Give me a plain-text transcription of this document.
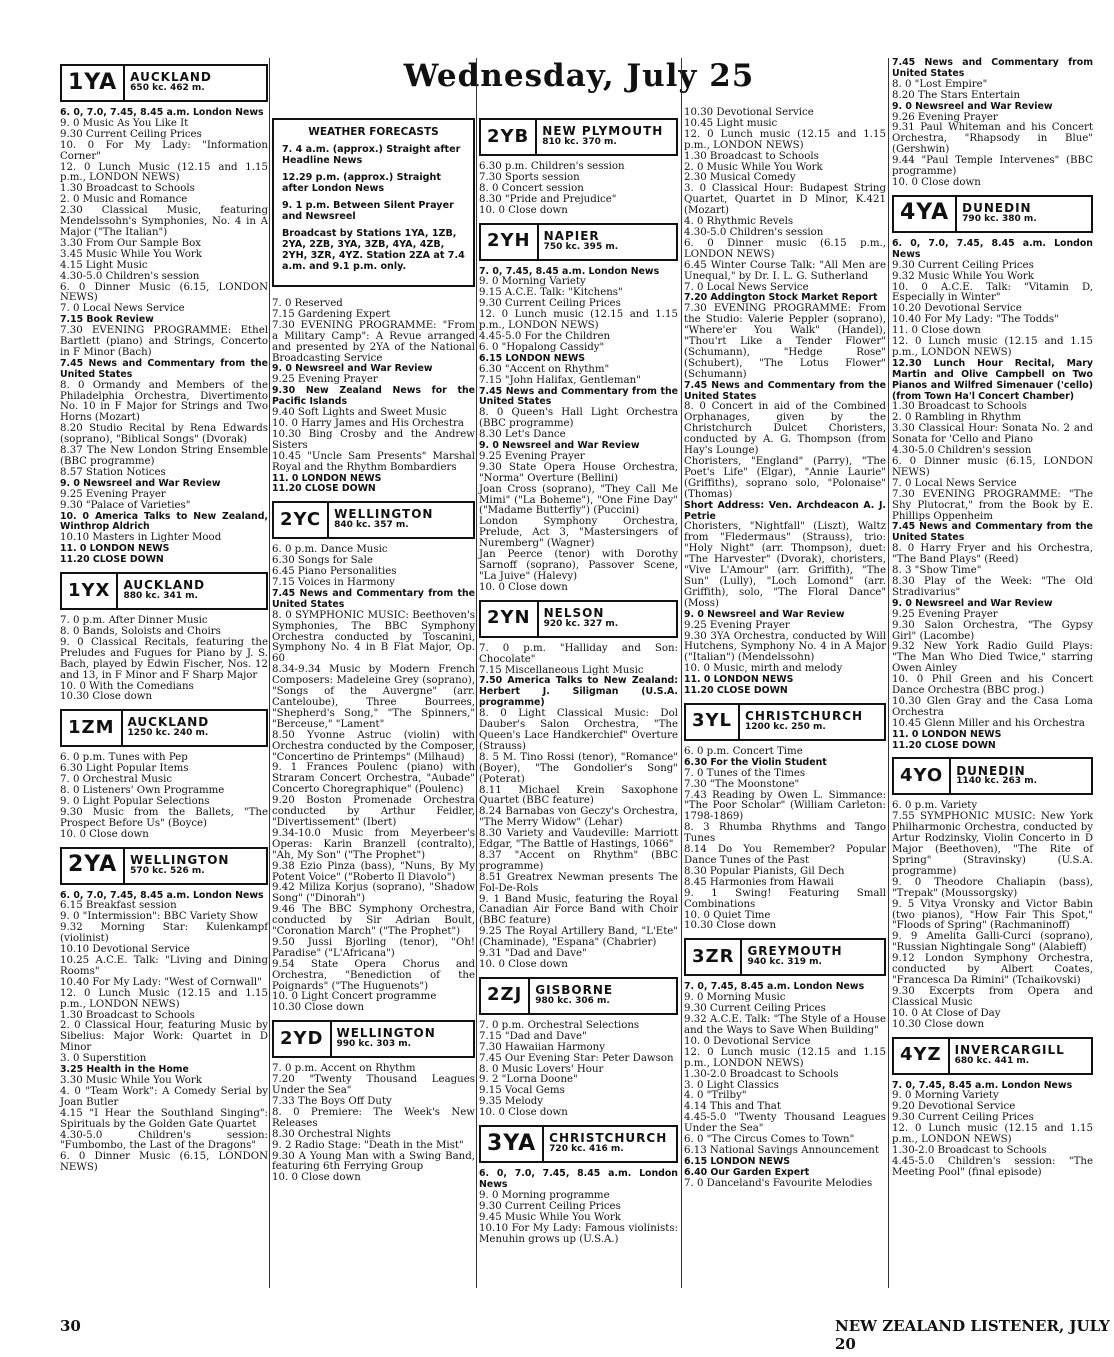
Wednesday, July 25
1YA	AUCKLAND
650 kc. 462 m.

6. 0, 7.0, 7.45, 8.45 a.m. London News

9. 0 Music As You Like It

9.30 Current Ceiling Prices

10. 0 For My Lady: "Information Corner"

12. 0 Lunch Music (12.15 and 1.15 p.m., LONDON NEWS)

1.30 Broadcast to Schools

2. 0 Music and Romance

2.30 Classical Music, featuring Mendelssohn's Symphonies, No. 4 in A Major ("The Italian")

3.30 From Our Sample Box

3.45 Music While You Work

4.15 Light Music

4.30-5.0 Children's session

6. 0 Dinner Music (6.15, LONDON NEWS)

7. 0 Local News Service

7.15 Book Review

7.30 EVENING PROGRAMME: Ethel Bartlett (piano) and Strings, Concerto in F Minor (Bach)

7.45 News and Commentary from the United States

8. 0 Ormandy and Members of the Philadelphia Orchestra, Divertimento No. 10 in F Major for Strings and Two Horns (Mozart)

8.20 Studio Recital by Rena Edwards (soprano), "Biblical Songs" (Dvorak)

8.37 The New London String Ensemble (BBC programme)

8.57 Station Notices

9. 0 Newsreel and War Review

9.25 Evening Prayer

9.30 "Palace of Varieties"

10. 0 America Talks to New Zealand, Winthrop Aldrich

10.10 Masters in Lighter Mood

11. 0 LONDON NEWS

11.20 CLOSE DOWN

1YX	AUCKLAND
880 kc. 341 m.

7. 0 p.m. After Dinner Music

8. 0 Bands, Soloists and Choirs

9. 0 Classical Recitals, featuring the Preludes and Fugues for Piano by J. S. Bach, played by Edwin Fischer, Nos. 12 and 13, in F Minor and F Sharp Major

10. 0 With the Comedians

10.30 Close down

1ZM	AUCKLAND
1250 kc. 240 m.

6. 0 p.m. Tunes with Pep

6.30 Light Popular Items

7. 0 Orchestral Music

8. 0 Listeners' Own Programme

9. 0 Light Popular Selections

9.30 Music from the Ballets, "The Prospect Before Us" (Boyce)

10. 0 Close down

2YA	WELLINGTON
570 kc. 526 m.

6. 0, 7.0, 7.45, 8.45 a.m. London News

6.15 Breakfast session

9. 0 "Intermission": BBC Variety Show

9.32 Morning Star: Kulenkampf (violinist)

10.10 Devotional Service

10.25 A.C.E. Talk: "Living and Dining Rooms"

10.40 For My Lady: "West of Cornwall"

12. 0 Lunch Music (12.15 and 1.15 p.m., LONDON NEWS)

1.30 Broadcast to Schools

2. 0 Classical Hour, featuring Music by Sibelius: Major Work: Quartet in D Minor

3. 0 Superstition

3.25 Health in the Home

3.30 Music While You Work

4. 0 "Team Work": A Comedy Serial by Joan Butler

4.15 "I Hear the Southland Singing": Spirituals by the Golden Gate Quartet

4.30-5.0 Children's session: "Fumbombo, the Last of the Dragons"

6. 0 Dinner Music (6.15, LONDON NEWS)

WEATHER FORECASTS

7. 4 a.m. (approx.) Straight after Headline News

12.29 p.m. (approx.) Straight after London News

9. 1 p.m. Between Silent Prayer and Newsreel

Broadcast by Stations 1YA, 1ZB, 2YA, 2ZB, 3YA, 3ZB, 4YA, 4ZB, 2YH, 3ZR, 4YZ. Station 2ZA at 7.4 a.m. and 9.1 p.m. only.

7. 0 Reserved

7.15 Gardening Expert

7.30 EVENING PROGRAMME: "From a Military Camp": A Revue arranged and presented by 2YA of the National Broadcasting Service

9. 0 Newsreel and War Review

9.25 Evening Prayer

9.30 New Zealand News for the Pacific Islands

9.40 Soft Lights and Sweet Music

10. 0 Harry James and His Orchestra

10.30 Bing Crosby and the Andrew Sisters

10.45 "Uncle Sam Presents" Marshal Royal and the Rhythm Bombardiers

11. 0 LONDON NEWS

11.20 CLOSE DOWN

2YC	WELLINGTON
840 kc. 357 m.

6. 0 p.m. Dance Music

6.30 Songs for Sale

6.45 Piano Personalities

7.15 Voices in Harmony

7.45 News and Commentary from the United States

8. 0 SYMPHONIC MUSIC: Beethoven's Symphonies, The BBC Symphony Orchestra conducted by Toscanini, Symphony No. 4 in B Flat Major, Op. 60

8.34-9.34 Music by Modern French Composers: Madeleine Grey (soprano), "Songs of the Auvergne" (arr. Canteloube), Three Bourrees, "Shepherd's Song," "The Spinners," "Berceuse," "Lament"

8.50 Yvonne Astruc (violin) with Orchestra conducted by the Composer, "Concertino de Printemps" (Milhaud)

9. 1 Frances Poulenc (piano) with Straram Concert Orchestra, "Aubade" Concerto Choregraphique" (Poulenc)

9.20 Boston Promenade Orchestra conducted by Arthur Feidler, "Divertissement" (Ibert)

9.34-10.0 Music from Meyerbeer's Operas: Karin Branzell (contralto), "Ah, My Son" ("The Prophet")

9.38 Ezio Pinza (bass), "Nuns, By My Potent Voice" ("Roberto Il Diavolo")

9.42 Miliza Korjus (soprano), "Shadow Song" ("Dinorah")

9.46 The BBC Symphony Orchestra, conducted by Sir Adrian Boult, "Coronation March" ("The Prophet")

9.50 Jussi Bjorling (tenor), "Oh! Paradise" ("L'Africana")

9.54 State Opera Chorus and Orchestra, "Benediction of the Poignards" ("The Huguenots")

10. 0 Light Concert programme

10.30 Close down

2YD	WELLINGTON
990 kc. 303 m.

7. 0 p.m. Accent on Rhythm

7.20 "Twenty Thousand Leagues Under the Sea"

7.33 The Boys Off Duty

8. 0 Premiere: The Week's New Releases

8.30 Orchestral Nights

9. 2 Radio Stage: "Death in the Mist"

9.30 A Young Man with a Swing Band, featuring 6th Ferrying Group

10. 0 Close down

2YB	NEW PLYMOUTH
810 kc. 370 m.

6.30 p.m. Children's session

7.30 Sports session

8. 0 Concert session

8.30 "Pride and Prejudice"

10. 0 Close down

2YH	NAPIER
750 kc. 395 m.

7. 0, 7.45, 8.45 a.m. London News

9. 0 Morning Variety

9.15 A.C.E. Talk: "Kitchens"

9.30 Current Ceiling Prices

12. 0 Lunch music (12.15 and 1.15 p.m., LONDON NEWS)

4.45-5.0 For the Children

6. 0 "Hopalong Cassidy"

6.15 LONDON NEWS

6.30 "Accent on Rhythm"

7.15 "John Halifax, Gentleman"

7.45 News and Commentary from the United States

8. 0 Queen's Hall Light Orchestra (BBC programme)

8.30 Let's Dance

9. 0 Newsreel and War Review

9.25 Evening Prayer

9.30 State Opera House Orchestra, "Norma" Overture (Bellini)

Joan Cross (soprano), "They Call Me Mimi" ("La Boheme"), "One Fine Day" ("Madame Butterfly") (Puccini)

London Symphony Orchestra, Prelude, Act 3, "Mastersingers of Nuremberg" (Wagner)

Jan Peerce (tenor) with Dorothy Sarnoff (soprano), Passover Scene, "La Juive" (Halevy)

10. 0 Close down

2YN	NELSON
920 kc. 327 m.

7. 0 p.m. "Halliday and Son: Chocolate"

7.15 Miscellaneous Light Music

7.50 America Talks to New Zealand: Herbert J. Siligman (U.S.A. programme)

8. 0 Light Classical Music: Dol Dauber's Salon Orchestra, "The Queen's Lace Handkerchief" Overture (Strauss)

8. 5 M. Tino Rossi (tenor), "Romance" (Boyer), "The Gondolier's Song" (Poterat)

8.11 Michael Krein Saxophone Quartet (BBC feature)

8.24 Barnabas von Geczy's Orchestra, "The Merry Widow" (Lehar)

8.30 Variety and Vaudeville: Marriott Edgar, "The Battle of Hastings, 1066"

8.37 "Accent on Rhythm" (BBC programme)

8.51 Greatrex Newman presents The Fol-De-Rols

9. 1 Band Music, featuring the Royal Canadian Air Force Band with Choir (BBC feature)

9.25 The Royal Artillery Band, "L'Ete" (Chaminade), "Espana" (Chabrier)

9.31 "Dad and Dave"

10. 0 Close down

2ZJ	GISBORNE
980 kc. 306 m.

7. 0 p.m. Orchestral Selections

7.15 "Dad and Dave"

7.30 Hawaiian Harmony

7.45 Our Evening Star: Peter Dawson

8. 0 Music Lovers' Hour

9. 2 "Lorna Doone"

9.15 Vocal Gems

9.35 Melody

10. 0 Close down

3YA	CHRISTCHURCH
720 kc. 416 m.

6. 0, 7.0, 7.45, 8.45 a.m. London News

9. 0 Morning programme

9.30 Current Ceiling Prices

9.45 Music While You Work

10.10 For My Lady: Famous violinists: Menuhin grows up (U.S.A.)

10.30 Devotional Service

10.45 Light music

12. 0 Lunch music (12.15 and 1.15 p.m., LONDON NEWS)

1.30 Broadcast to Schools

2. 0 Music While You Work

2.30 Musical Comedy

3. 0 Classical Hour: Budapest String Quartet, Quartet in D Minor, K.421 (Mozart)

4. 0 Rhythmic Revels

4.30-5.0 Children's session

6. 0 Dinner music (6.15 p.m., LONDON NEWS)

6.45 Winter Course Talk: "All Men are Unequal," by Dr. I. L. G. Sutherland

7. 0 Local News Service

7.20 Addington Stock Market Report

7.30 EVENING PROGRAMME: From the Studio: Valerie Peppler (soprano), "Where'er You Walk" (Handel), "Thou'rt Like a Tender Flower" (Schumann), "Hedge Rose" (Schubert), "The Lotus Flower" (Schumann)

7.45 News and Commentary from the United States

8. 0 Concert in aid of the Combined Orphanages, given by the Christchurch Dulcet Choristers, conducted by A. G. Thompson (from Hay's Lounge)

Choristers, "England" (Parry), "The Poet's Life" (Elgar), "Annie Laurie" (Griffiths), soprano solo, "Polonaise" (Thomas)

Short Address: Ven. Archdeacon A. J. Petrie

Choristers, "Nightfall" (Liszt), Waltz from "Fledermaus" (Strauss), trio: "Holy Night" (arr. Thompson), duet: "The Harvester" (Dvorak), choristers, "Vive L'Amour" (arr. Griffith), "The Sun" (Lully), "Loch Lomond" (arr. Griffith), solo, "The Floral Dance" (Moss)

9. 0 Newsreel and War Review

9.25 Evening Prayer

9.30 3YA Orchestra, conducted by Will Hutchens, Symphony No. 4 in A Major ("Italian") (Mendelssohn)

10. 0 Music, mirth and melody

11. 0 LONDON NEWS

11.20 CLOSE DOWN

3YL	CHRISTCHURCH
1200 kc. 250 m.

6. 0 p.m. Concert Time

6.30 For the Violin Student

7. 0 Tunes of the Times

7.30 "The Moonstone"

7.43 Reading by Owen L. Simmance: "The Poor Scholar" (William Carleton: 1798-1869)

8. 3 Rhumba Rhythms and Tango Tunes

8.14 Do You Remember? Popular Dance Tunes of the Past

8.30 Popular Pianists, Gil Dech

8.45 Harmonies from Hawaii

9. 1 Swing! Featuring Small Combinations

10. 0 Quiet Time

10.30 Close down

3ZR	GREYMOUTH
940 kc. 319 m.

7. 0, 7.45, 8.45 a.m. London News

9. 0 Morning Music

9.30 Current Ceiling Prices

9.32 A.C.E. Talk: "The Style of a House and the Ways to Save When Building"

10. 0 Devotional Service

12. 0 Lunch music (12.15 and 1.15 p.m., LONDON NEWS)

1.30-2.0 Broadcast to Schools

3. 0 Light Classics

4. 0 "Trilby"

4.14 This and That

4.45-5.0 "Twenty Thousand Leagues Under the Sea"

6. 0 "The Circus Comes to Town"

6.13 National Savings Announcement

6.15 LONDON NEWS

6.40 Our Garden Expert

7. 0 Danceland's Favourite Melodies

7.45 News and Commentary from United States

8. 0 "Lost Empire"

8.20 The Stars Entertain

9. 0 Newsreel and War Review

9.26 Evening Prayer

9.31 Paul Whiteman and his Concert Orchestra, "Rhapsody in Blue" (Gershwin)

9.44 "Paul Temple Intervenes" (BBC programme)

10. 0 Close down

4YA	DUNEDIN
790 kc. 380 m.

6. 0, 7.0, 7.45, 8.45 a.m. London News

9.30 Current Ceiling Prices

9.32 Music While You Work

10. 0 A.C.E. Talk: "Vitamin D, Especially in Winter"

10.20 Devotional Service

10.40 For My Lady: "The Todds"

11. 0 Close down

12. 0 Lunch music (12.15 and 1.15 p.m., LONDON NEWS)

12.30 Lunch Hour Recital, Mary Martin and Olive Campbell on Two Pianos and Wilfred Simenauer ('cello) (from Town Ha'l Concert Chamber)

1.30 Broadcast to Schools

2. 0 Rambling in Rhythm

3.30 Classical Hour: Sonata No. 2 and Sonata for 'Cello and Piano

4.30-5.0 Children's session

6. 0 Dinner music (6.15, LONDON NEWS)

7. 0 Local News Service

7.30 EVENING PROGRAMME: "The Shy Plutocrat," from the Book by E. Phillips Oppenheim

7.45 News and Commentary from the United States

8. 0 Harry Fryer and his Orchestra, "The Band Plays" (Reed)

8. 3 "Show Time"

8.30 Play of the Week: "The Old Stradivarius"

9. 0 Newsreel and War Review

9.25 Evening Prayer

9.30 Salon Orchestra, "The Gypsy Girl" (Lacombe)

9.32 New York Radio Guild Plays: "The Man Who Died Twice," starring Owen Ainley

10. 0 Phil Green and his Concert Dance Orchestra (BBC prog.)

10.30 Glen Gray and the Casa Loma Orchestra

10.45 Glenn Miller and his Orchestra

11. 0 LONDON NEWS

11.20 CLOSE DOWN

4YO	DUNEDIN
1140 kc. 263 m.

6. 0 p.m. Variety

7.55 SYMPHONIC MUSIC: New York Philharmonic Orchestra, conducted by Artur Rodzinsky, Violin Concerto in D Major (Beethoven), "The Rite of Spring" (Stravinsky) (U.S.A. programme)

9. 0 Theodore Chaliapin (bass), "Trepak" (Moussorgsky)

9. 5 Vitya Vronsky and Victor Babin (two pianos), "How Fair This Spot," "Floods of Spring" (Rachmaninoff)

9. 9 Amelita Galli-Curci (soprano), "Russian Nightingale Song" (Alabieff)

9.12 London Symphony Orchestra, conducted by Albert Coates, "Francesca Da Rimini" (Tchaikovski)

9.30 Excerpts from Opera and Classical Music

10. 0 At Close of Day

10.30 Close down

4YZ	INVERCARGILL
680 kc. 441 m.

7. 0, 7.45, 8.45 a.m. London News

9. 0 Morning Variety

9.20 Devotional Service

9.30 Current Ceiling Prices

12. 0 Lunch music (12.15 and 1.15 p.m., LONDON NEWS)

1.30-2.0 Broadcast to Schools

4.45-5.0 Children's session: "The Meeting Pool" (final episode)

30	NEW ZEALAND LISTENER, JULY 20
